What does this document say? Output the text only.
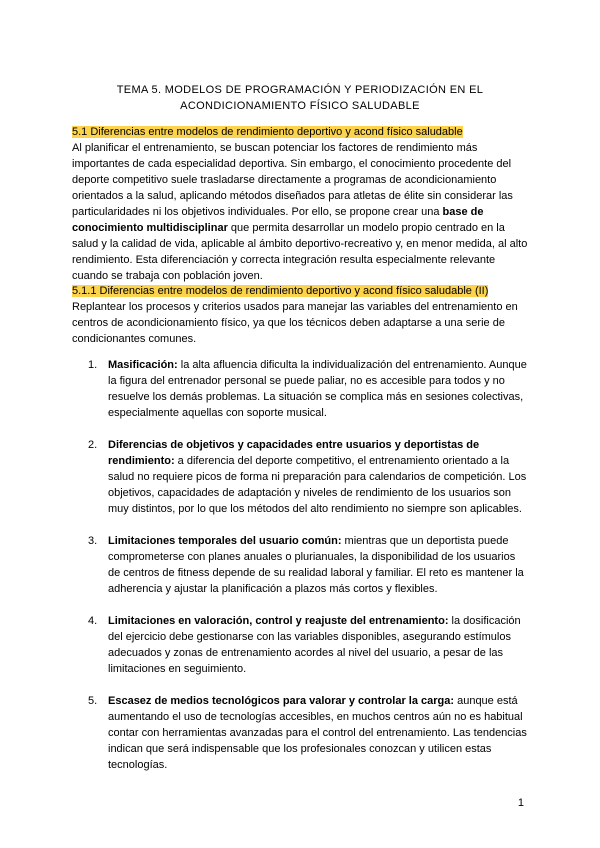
TEMA 5. MODELOS DE PROGRAMACIÓN Y PERIODIZACIÓN EN EL ACONDICIONAMIENTO FÍSICO SALUDABLE
5.1 Diferencias entre modelos de rendimiento deportivo y acond físico saludable

Al planificar el entrenamiento, se buscan potenciar los factores de rendimiento más importantes de cada especialidad deportiva. Sin embargo, el conocimiento procedente del deporte competitivo suele trasladarse directamente a programas de acondicionamiento orientados a la salud, aplicando métodos diseñados para atletas de élite sin considerar las particularidades ni los objetivos individuales. Por ello, se propone crear una base de conocimiento multidisciplinar que permita desarrollar un modelo propio centrado en la salud y la calidad de vida, aplicable al ámbito deportivo-recreativo y, en menor medida, al alto rendimiento. Esta diferenciación y correcta integración resulta especialmente relevante cuando se trabaja con población joven.

5.1.1 Diferencias entre modelos de rendimiento deportivo y acond físico saludable (II)

Replantear los procesos y criterios usados para manejar las variables del entrenamiento en centros de acondicionamiento físico, ya que los técnicos deben adaptarse a una serie de condicionantes comunes.

1. Masificación: la alta afluencia dificulta la individualización del entrenamiento. Aunque la figura del entrenador personal se puede paliar, no es accesible para todos y no resuelve los demás problemas. La situación se complica más en sesiones colectivas, especialmente aquellas con soporte musical.
2. Diferencias de objetivos y capacidades entre usuarios y deportistas de rendimiento: a diferencia del deporte competitivo, el entrenamiento orientado a la salud no requiere picos de forma ni preparación para calendarios de competición. Los objetivos, capacidades de adaptación y niveles de rendimiento de los usuarios son muy distintos, por lo que los métodos del alto rendimiento no siempre son aplicables.
3. Limitaciones temporales del usuario común: mientras que un deportista puede comprometerse con planes anuales o plurianuales, la disponibilidad de los usuarios de centros de fitness depende de su realidad laboral y familiar. El reto es mantener la adherencia y ajustar la planificación a plazos más cortos y flexibles.
4. Limitaciones en valoración, control y reajuste del entrenamiento: la dosificación del ejercicio debe gestionarse con las variables disponibles, asegurando estímulos adecuados y zonas de entrenamiento acordes al nivel del usuario, a pesar de las limitaciones en seguimiento.
5. Escasez de medios tecnológicos para valorar y controlar la carga: aunque está aumentando el uso de tecnologías accesibles, en muchos centros aún no es habitual contar con herramientas avanzadas para el control del entrenamiento. Las tendencias indican que será indispensable que los profesionales conozcan y utilicen estas tecnologías.
1
